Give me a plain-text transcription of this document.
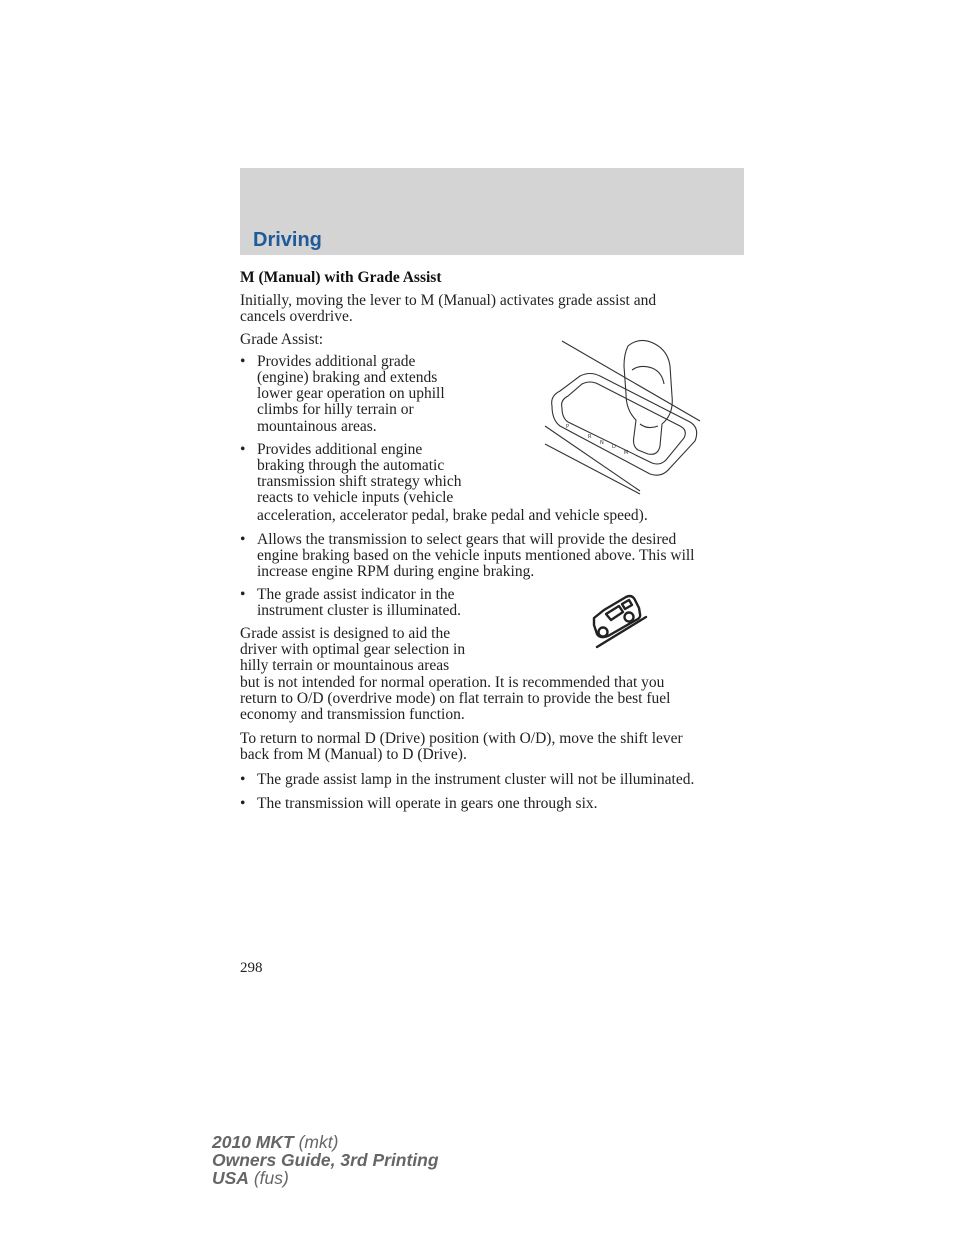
Driving
M (Manual) with Grade Assist
Initially, moving the lever to M (Manual) activates grade assist and
cancels overdrive.
Grade Assist:
• Provides additional grade
(engine) braking and extends
lower gear operation on uphill
climbs for hilly terrain or
mountainous areas.
• Provides additional engine
braking through the automatic
transmission shift strategy which
reacts to vehicle inputs (vehicle
acceleration, accelerator pedal, brake pedal and vehicle speed).
• Allows the transmission to select gears that will provide the desired
engine braking based on the vehicle inputs mentioned above. This will
increase engine RPM during engine braking.
• The grade assist indicator in the
instrument cluster is illuminated.
Grade assist is designed to aid the
driver with optimal gear selection in
hilly terrain or mountainous areas
but is not intended for normal operation. It is recommended that you
return to O/D (overdrive mode) on flat terrain to provide the best fuel
economy and transmission function.
To return to normal D (Drive) position (with O/D), move the shift lever
back from M (Manual) to D (Drive).
• The grade assist lamp in the instrument cluster will not be illuminated.
• The transmission will operate in gears one through six.
P
R
N
D
M
298
2010 MKT (mkt)
Owners Guide, 3rd Printing
USA (fus)
